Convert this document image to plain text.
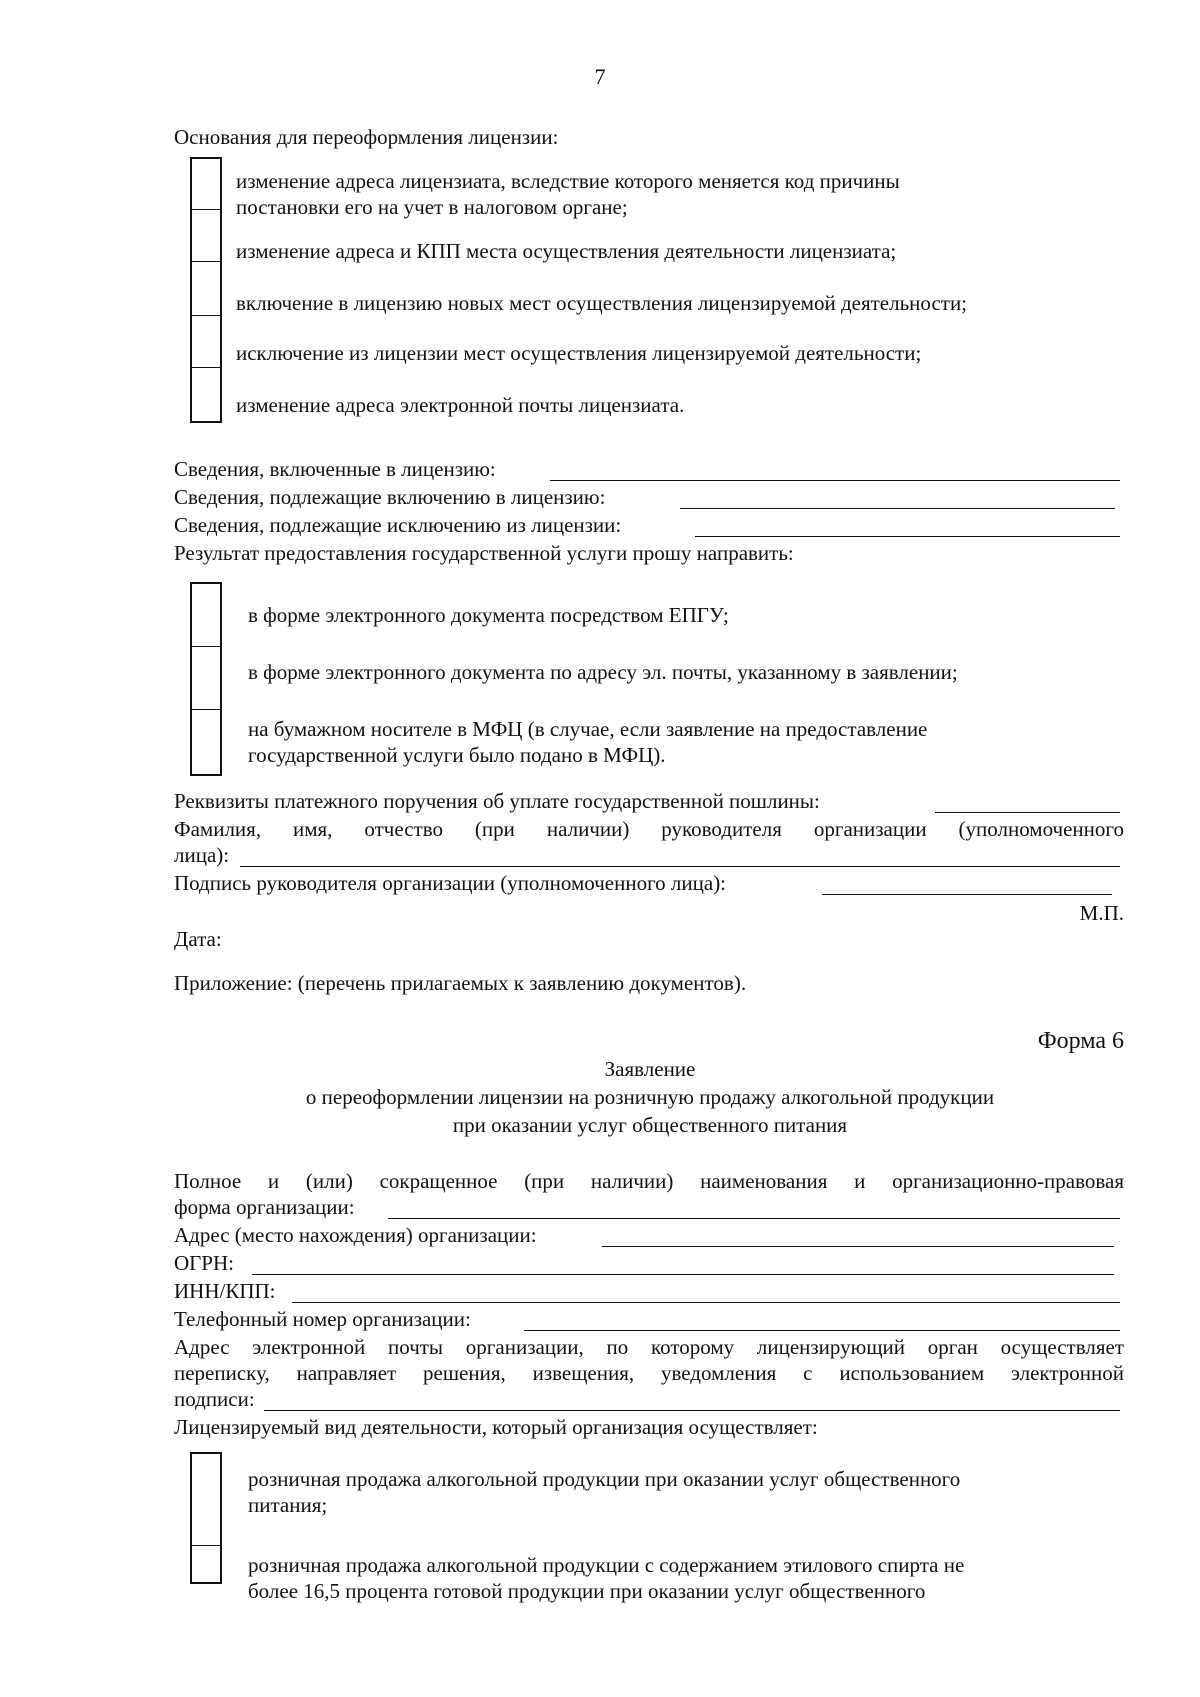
7
Основания для переоформления лицензии:
изменение адреса лицензиата, вследствие которого меняется код причины
постановки его на учет в налоговом органе;
изменение адреса и КПП места осуществления деятельности лицензиата;
включение в лицензию новых мест осуществления лицензируемой деятельности;
исключение из лицензии мест осуществления лицензируемой деятельности;
изменение адреса электронной почты лицензиата.
Сведения, включенные в лицензию:
Сведения, подлежащие включению в лицензию:
Сведения, подлежащие исключению из лицензии:
Результат предоставления государственной услуги прошу направить:
в форме электронного документа посредством ЕПГУ;
в форме электронного документа по адресу эл. почты, указанному в заявлении;
на бумажном носителе в МФЦ (в случае, если заявление на предоставление
государственной услуги было подано в МФЦ).
Реквизиты платежного поручения об уплате государственной пошлины:
Фамилия, имя, отчество (при наличии) руководителя организации (уполномоченного
лица):
Подпись руководителя организации (уполномоченного лица):
М.П.
Дата:
Приложение: (перечень прилагаемых к заявлению документов).
Форма 6
Заявление
о переоформлении лицензии на розничную продажу алкогольной продукции
при оказании услуг общественного питания
Полное и (или) сокращенное (при наличии) наименования и организационно-правовая
форма организации:
Адрес (место нахождения) организации:
ОГРН:
ИНН/КПП:
Телефонный номер организации:
Адрес электронной почты организации, по которому лицензирующий орган осуществляет
переписку, направляет решения, извещения, уведомления с использованием электронной
подписи:
Лицензируемый вид деятельности, который организация осуществляет:
розничная продажа алкогольной продукции при оказании услуг общественного
питания;
розничная продажа алкогольной продукции с содержанием этилового спирта не
более 16,5 процента готовой продукции при оказании услуг общественного
